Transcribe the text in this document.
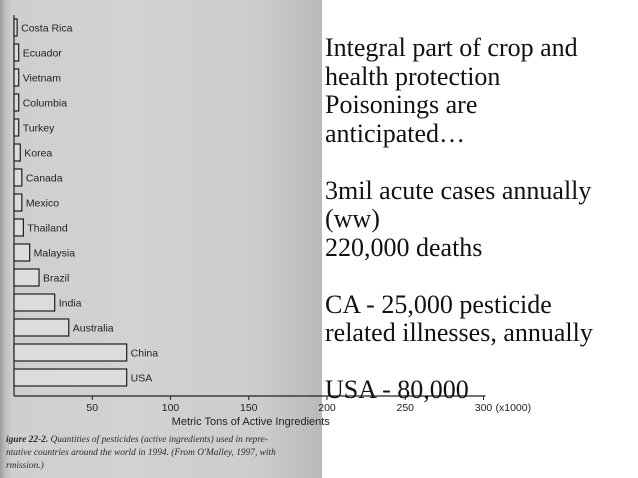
Costa Rica
Ecuador
Vietnam
Columbia
Turkey
Korea
Canada
Mexico
Thailand
Malaysia
Brazil
India
Australia
China
USA
50	100	150	200	250	300 (x1000)
Metric Tons of Active Ingredients

igure 22-2. Quantities of pesticides (active ingredients) used in repre-
ntative countries around the world in 1994. (From O'Malley, 1997, with
rmission.)

Integral part of crop and

health protection

Poisonings are

anticipated…

3mil acute cases annually

(ww)

220,000 deaths

CA - 25,000 pesticide

related illnesses, annually

USA - 80,000
